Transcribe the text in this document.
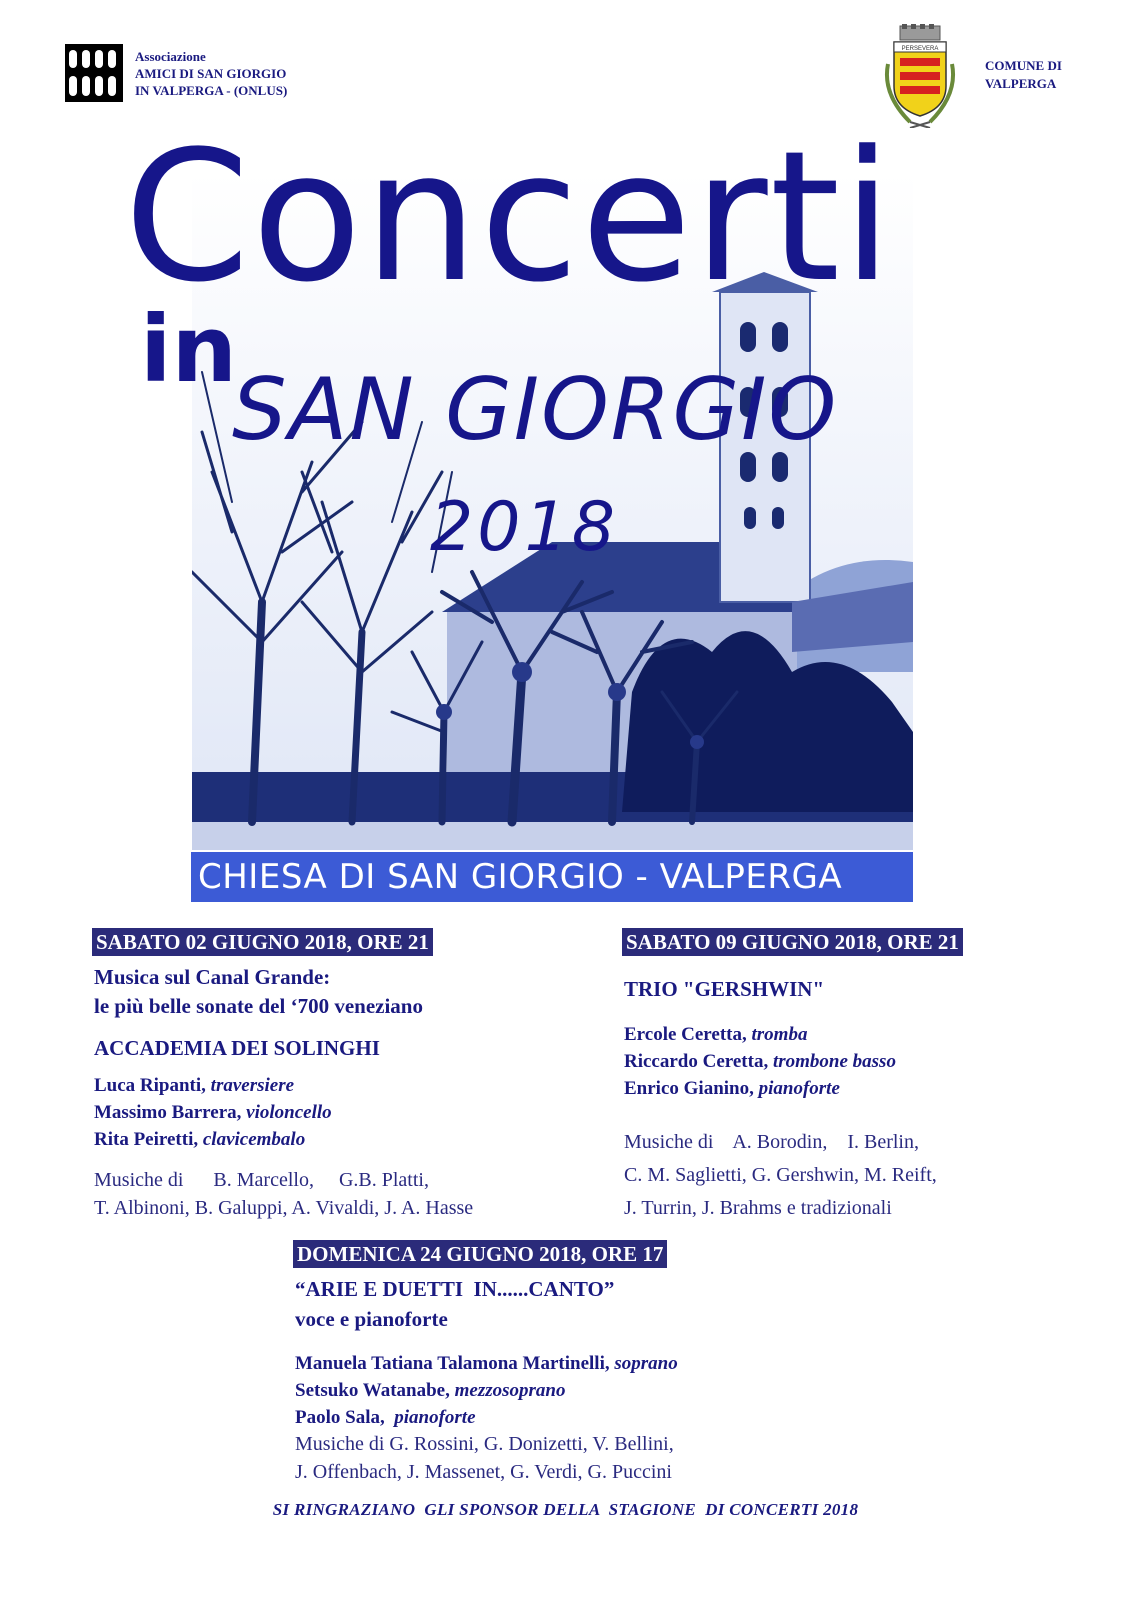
Associazione
AMICI DI SAN GIORGIO
IN VALPERGA - (ONLUS)
PERSEVERA
COMUNE DI
VALPERGA
Concerti
in
SAN GIORGIO
2018
CHIESA DI SAN GIORGIO - VALPERGA
SABATO 02 GIUGNO 2018, ORE 21
Musica sul Canal Grande:
le più belle sonate del ‘700 veneziano
ACCADEMIA DEI SOLINGHI
Luca Ripanti, traversiere
Massimo Barrera, violoncello
Rita Peiretti, clavicembalo
Musiche di      B. Marcello,     G.B. Platti,
T. Albinoni, B. Galuppi, A. Vivaldi, J. A. Hasse
SABATO 09 GIUGNO 2018, ORE 21
TRIO "GERSHWIN"
Ercole Ceretta, tromba
Riccardo Ceretta, trombone basso
Enrico Gianino, pianoforte
Musiche di    A. Borodin,    I. Berlin,
C. M. Saglietti, G. Gershwin, M. Reift,
J. Turrin, J. Brahms e tradizionali
DOMENICA 24 GIUGNO 2018, ORE 17
“ARIE E DUETTI  IN......CANTO”
voce e pianoforte
Manuela Tatiana Talamona Martinelli, soprano
Setsuko Watanabe, mezzosoprano
Paolo Sala, pianoforte
Musiche di G. Rossini, G. Donizetti, V. Bellini,
J. Offenbach, J. Massenet, G. Verdi, G. Puccini
SI RINGRAZIANO  GLI SPONSOR DELLA  STAGIONE  DI CONCERTI 2018
